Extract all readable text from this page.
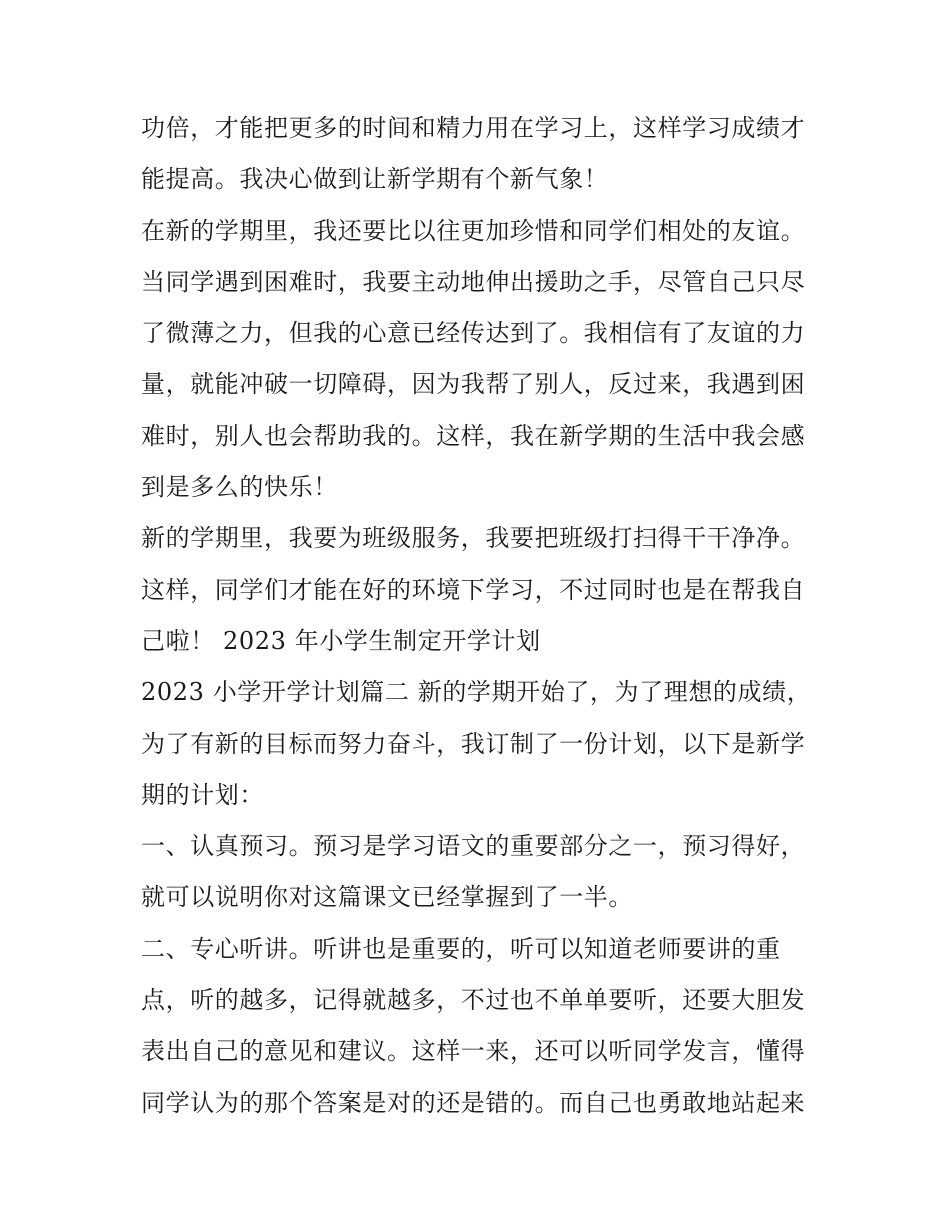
功倍，才能把更多的时间和精力用在学习上，这样学习成绩才
能提高。我决心做到让新学期有个新气象！
在新的学期里，我还要比以往更加珍惜和同学们相处的友谊。
当同学遇到困难时，我要主动地伸出援助之手，尽管自己只尽
了微薄之力，但我的心意已经传达到了。我相信有了友谊的力
量，就能冲破一切障碍，因为我帮了别人，反过来，我遇到困
难时，别人也会帮助我的。这样，我在新学期的生活中我会感
到是多么的快乐！
新的学期里，我要为班级服务，我要把班级打扫得干干净净。
这样，同学们才能在好的环境下学习，不过同时也是在帮我自
己啦！ 2023 年小学生制定开学计划
2023 小学开学计划篇二 新的学期开始了，为了理想的成绩，
为了有新的目标而努力奋斗，我订制了一份计划，以下是新学
期的计划：
一、认真预习。预习是学习语文的重要部分之一，预习得好，
就可以说明你对这篇课文已经掌握到了一半。
二、专心听讲。听讲也是重要的，听可以知道老师要讲的重
点，听的越多，记得就越多，不过也不单单要听，还要大胆发
表出自己的意见和建议。这样一来，还可以听同学发言，懂得
同学认为的那个答案是对的还是错的。而自己也勇敢地站起来
